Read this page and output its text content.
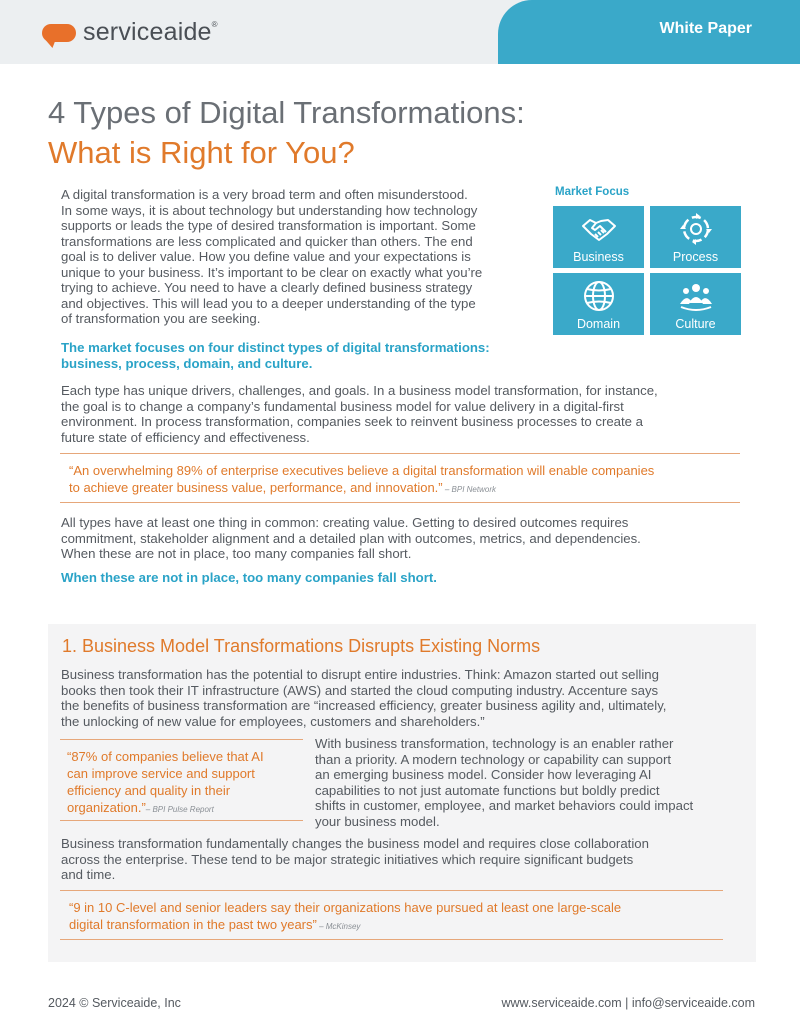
serviceaide®	White Paper
4 Types of Digital Transformations:
What is Right for You?
A digital transformation is a very broad term and often misunderstood.
In some ways, it is about technology but understanding how technology
supports or leads the type of desired transformation is important. Some
transformations are less complicated and quicker than others. The end
goal is to deliver value. How you define value and your expectations is
unique to your business. It’s important to be clear on exactly what you’re
trying to achieve. You need to have a clearly defined business strategy
and objectives. This will lead you to a deeper understanding of the type
of transformation you are seeking.
Market Focus
Business	Process
Domain	Culture
The market focuses on four distinct types of digital transformations:
business, process, domain, and culture.
Each type has unique drivers, challenges, and goals. In a business model transformation, for instance,
the goal is to change a company’s fundamental business model for value delivery in a digital-first
environment. In process transformation, companies seek to reinvent business processes to create a
future state of efficiency and effectiveness.
“An overwhelming 89% of enterprise executives believe a digital transformation will enable companies
to achieve greater business value, performance, and innovation.” – BPI Network
All types have at least one thing in common: creating value. Getting to desired outcomes requires
commitment, stakeholder alignment and a detailed plan with outcomes, metrics, and dependencies.
When these are not in place, too many companies fall short.
When these are not in place, too many companies fall short.
1. Business Model Transformations Disrupts Existing Norms
Business transformation has the potential to disrupt entire industries. Think: Amazon started out selling
books then took their IT infrastructure (AWS) and started the cloud computing industry. Accenture says
the benefits of business transformation are “increased efficiency, greater business agility and, ultimately,
the unlocking of new value for employees, customers and shareholders.”
“87% of companies believe that AI
can improve service and support
efficiency and quality in their
organization.”– BPI Pulse Report
With business transformation, technology is an enabler rather
than a priority. A modern technology or capability can support
an emerging business model. Consider how leveraging AI
capabilities to not just automate functions but boldly predict
shifts in customer, employee, and market behaviors could impact
your business model.
Business transformation fundamentally changes the business model and requires close collaboration
across the enterprise. These tend to be major strategic initiatives which require significant budgets
and time.
“9 in 10 C-level and senior leaders say their organizations have pursued at least one large-scale
digital transformation in the past two years” – McKinsey
2024 © Serviceaide, Inc	www.serviceaide.com | info@serviceaide.com
